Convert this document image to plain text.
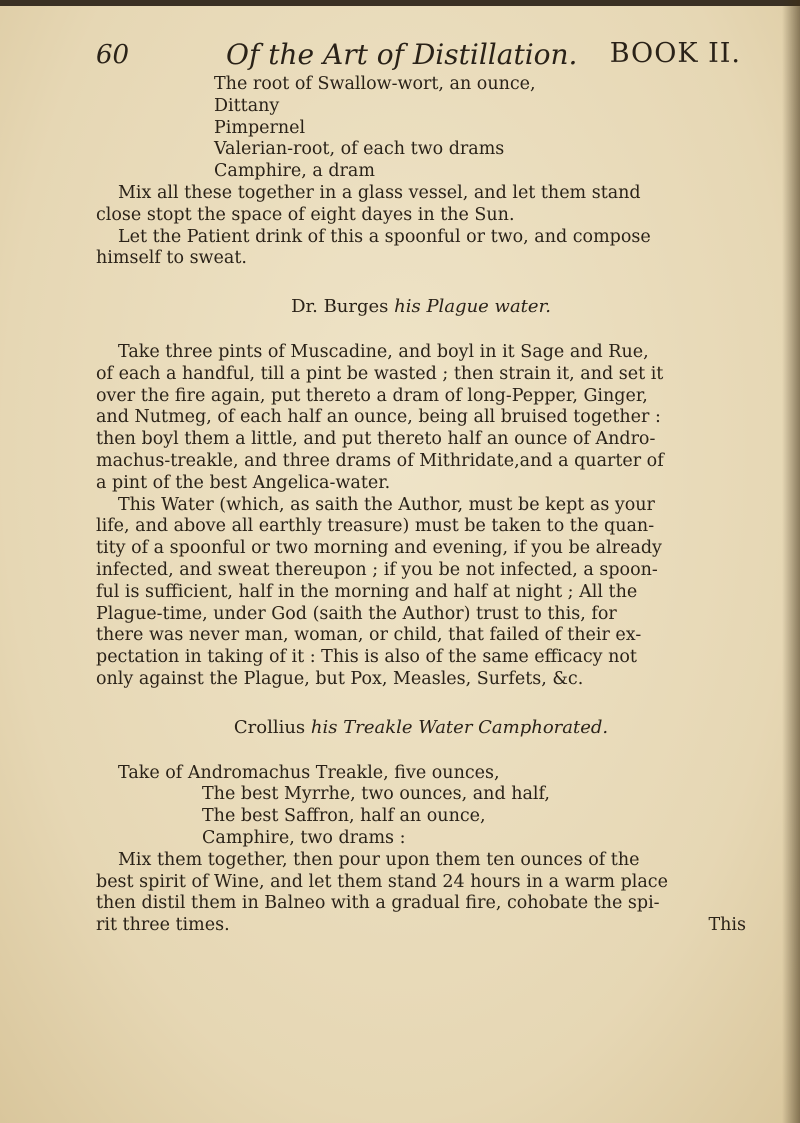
60	Of the Art of Distillation. BOOK II.
The root of Swallow-wort, an ounce,
Dittany
Pimpernel
Valerian-root, of each two drams
Camphire, a dram
Mix all these together in a glass vessel, and let them stand
close stopt the space of eight dayes in the Sun.
Let the Patient drink of this a spoonful or two, and compose
himself to sweat.
Dr. Burges his Plague water.
Take three pints of Muscadine, and boyl in it Sage and Rue,
of each a handful, till a pint be wasted ; then strain it, and set it
over the fire again, put thereto a dram of long-Pepper, Ginger,
and Nutmeg, of each half an ounce, being all bruised together :
then boyl them a little, and put thereto half an ounce of Andro-
machus-treakle, and three drams of Mithridate,and a quarter of
a pint of the best Angelica-water.
This Water (which, as saith the Author, must be kept as your
life, and above all earthly treasure) must be taken to the quan-
tity of a spoonful or two morning and evening, if you be already
infected, and sweat thereupon ; if you be not infected, a spoon-
ful is sufficient, half in the morning and half at night ; All the
Plague-time, under God (saith the Author) trust to this, for
there was never man, woman, or child, that failed of their ex-
pectation in taking of it : This is also of the same efficacy not
only against the Plague, but Pox, Measles, Surfets, &c.
Crollius his Treakle Water Camphorated.
Take of Andromachus Treakle, five ounces,
The best Myrrhe, two ounces, and half,
The best Saffron, half an ounce,
Camphire, two drams :
Mix them together, then pour upon them ten ounces of the
best spirit of Wine, and let them stand 24 hours in a warm place
then distil them in Balneo with a gradual fire, cohobate the spi-
rit three times.	This
